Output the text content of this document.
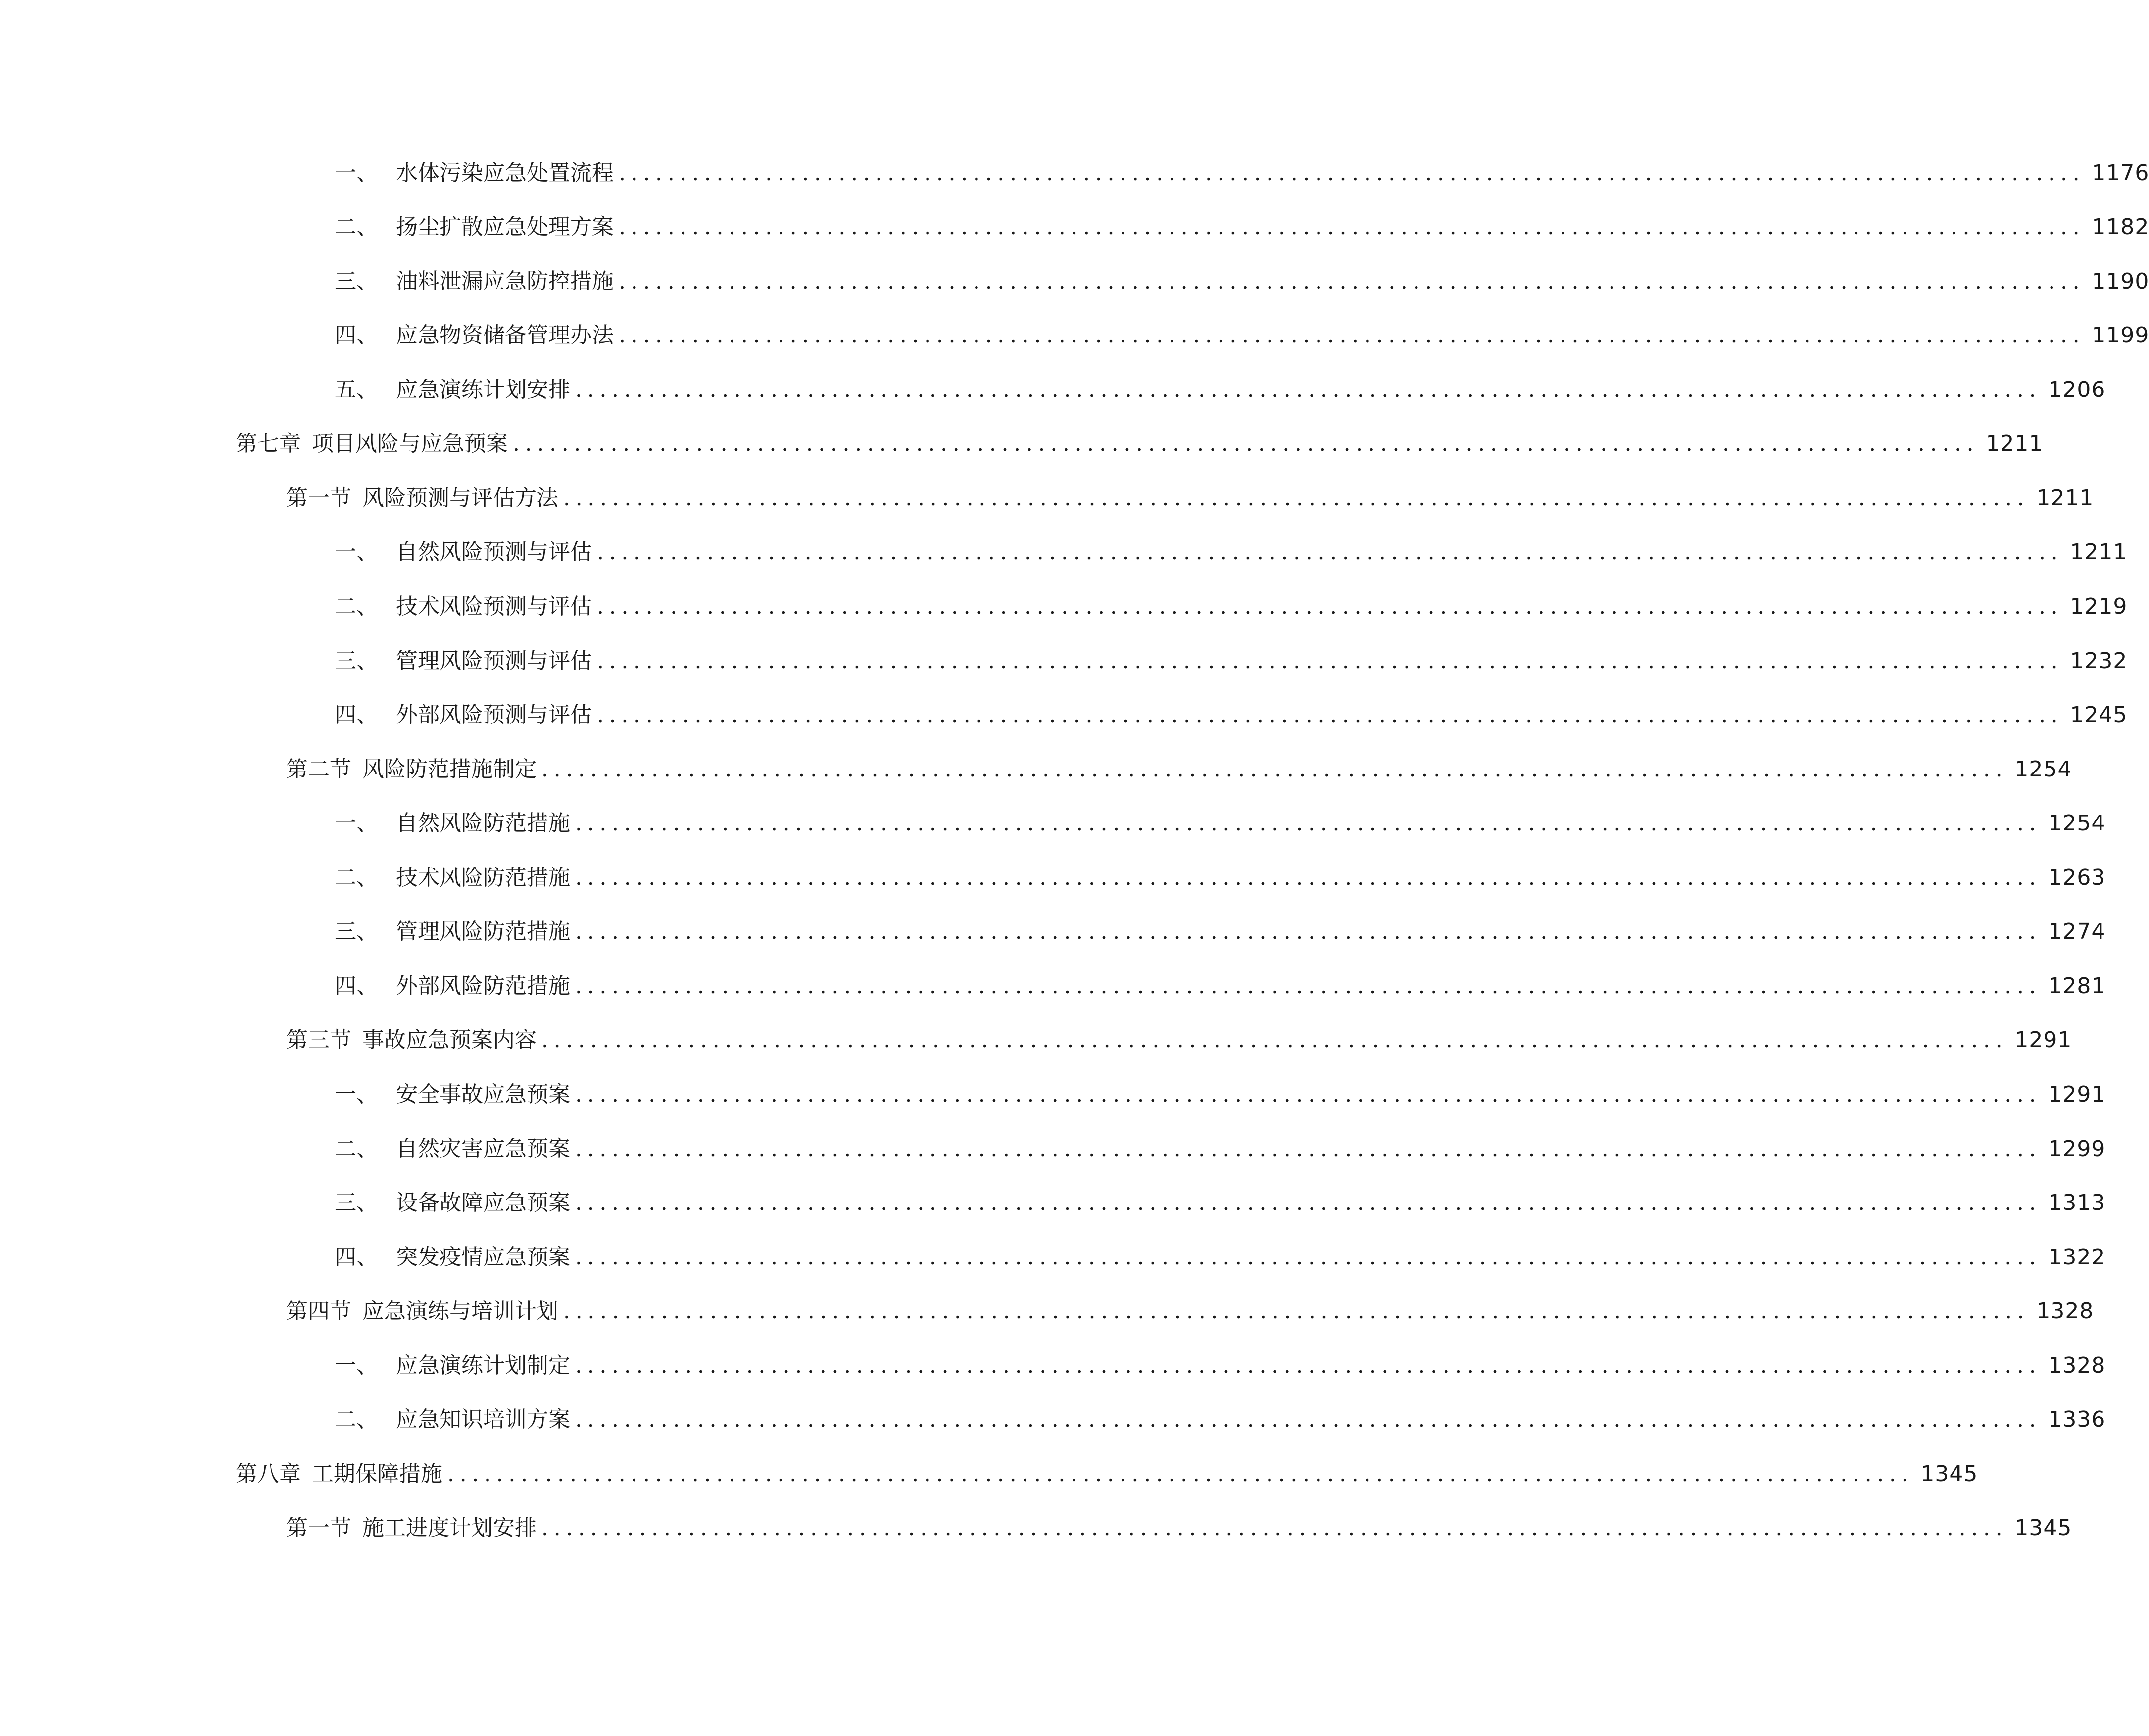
一、 水体污染应急处置流程 ........................................................................................................................ 1176
二、 扬尘扩散应急处理方案 ........................................................................................................................ 1182
三、 油料泄漏应急防控措施 ........................................................................................................................ 1190
四、 应急物资储备管理办法 ........................................................................................................................ 1199
五、 应急演练计划安排 ........................................................................................................................ 1206
第七章 项目风险与应急预案 ........................................................................................................................ 1211
第一节 风险预测与评估方法 ........................................................................................................................ 1211
一、 自然风险预测与评估 ........................................................................................................................ 1211
二、 技术风险预测与评估 ........................................................................................................................ 1219
三、 管理风险预测与评估 ........................................................................................................................ 1232
四、 外部风险预测与评估 ........................................................................................................................ 1245
第二节 风险防范措施制定 ........................................................................................................................ 1254
一、 自然风险防范措施 ........................................................................................................................ 1254
二、 技术风险防范措施 ........................................................................................................................ 1263
三、 管理风险防范措施 ........................................................................................................................ 1274
四、 外部风险防范措施 ........................................................................................................................ 1281
第三节 事故应急预案内容 ........................................................................................................................ 1291
一、 安全事故应急预案 ........................................................................................................................ 1291
二、 自然灾害应急预案 ........................................................................................................................ 1299
三、 设备故障应急预案 ........................................................................................................................ 1313
四、 突发疫情应急预案 ........................................................................................................................ 1322
第四节 应急演练与培训计划 ........................................................................................................................ 1328
一、 应急演练计划制定 ........................................................................................................................ 1328
二、 应急知识培训方案 ........................................................................................................................ 1336
第八章 工期保障措施 ........................................................................................................................ 1345
第一节 施工进度计划安排 ........................................................................................................................ 1345
